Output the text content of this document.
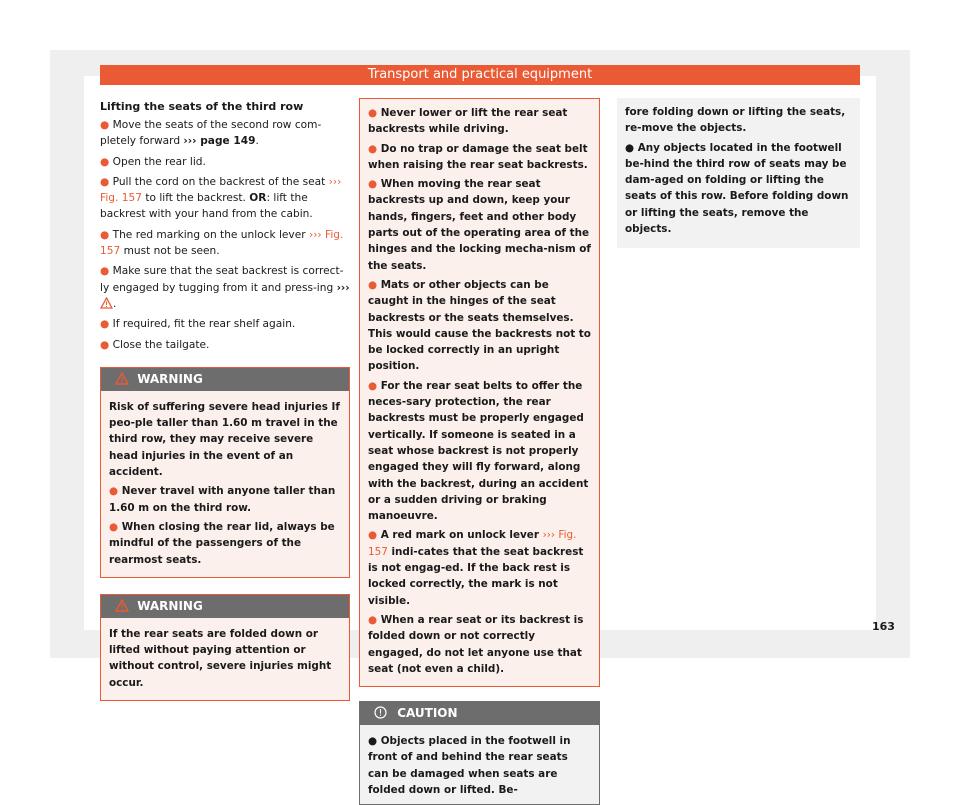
Transport and practical equipment
Lifting the seats of the third row
● Move the seats of the second row com-pletely forward ››› page 149.
● Open the rear lid.
● Pull the cord on the backrest of the seat ››› Fig. 157 to lift the backrest. OR: lift the backrest with your hand from the cabin.
● The red marking on the unlock lever ››› Fig. 157 must not be seen.
● Make sure that the seat backrest is correct-ly engaged by tugging from it and press-ing ››› .
● If required, fit the rear shelf again.
● Close the tailgate.
WARNING
Risk of suffering severe head injuries If peo-ple taller than 1.60 m travel in the third row, they may receive severe head injuries in the event of an accident.
● Never travel with anyone taller than 1.60 m on the third row.
● When closing the rear lid, always be mindful of the passengers of the rearmost seats.
WARNING
If the rear seats are folded down or lifted without paying attention or without control, severe injuries might occur.
● Never lower or lift the rear seat backrests while driving.
● Do no trap or damage the seat belt when raising the rear seat backrests.
● When moving the rear seat backrests up and down, keep your hands, fingers, feet and other body parts out of the operating area of the hinges and the locking mecha-nism of the seats.
● Mats or other objects can be caught in the hinges of the seat backrests or the seats themselves. This would cause the backrests not to be locked correctly in an upright position.
● For the rear seat belts to offer the neces-sary protection, the rear backrests must be properly engaged vertically. If someone is seated in a seat whose backrest is not properly engaged they will fly forward, along with the backrest, during an accident or a sudden driving or braking manoeuvre.
● A red mark on unlock lever ››› Fig. 157 indi-cates that the seat backrest is not engag-ed. If the back rest is locked correctly, the mark is not visible.
● When a rear seat or its backrest is folded down or not correctly engaged, do not let anyone use that seat (not even a child).
CAUTION
● Objects placed in the footwell in front of and behind the rear seats can be damaged when seats are folded down or lifted. Be-
fore folding down or lifting the seats, re-move the objects.
● Any objects located in the footwell be-hind the third row of seats may be dam-aged on folding or lifting the seats of this row. Before folding down or lifting the seats, remove the objects.
163
